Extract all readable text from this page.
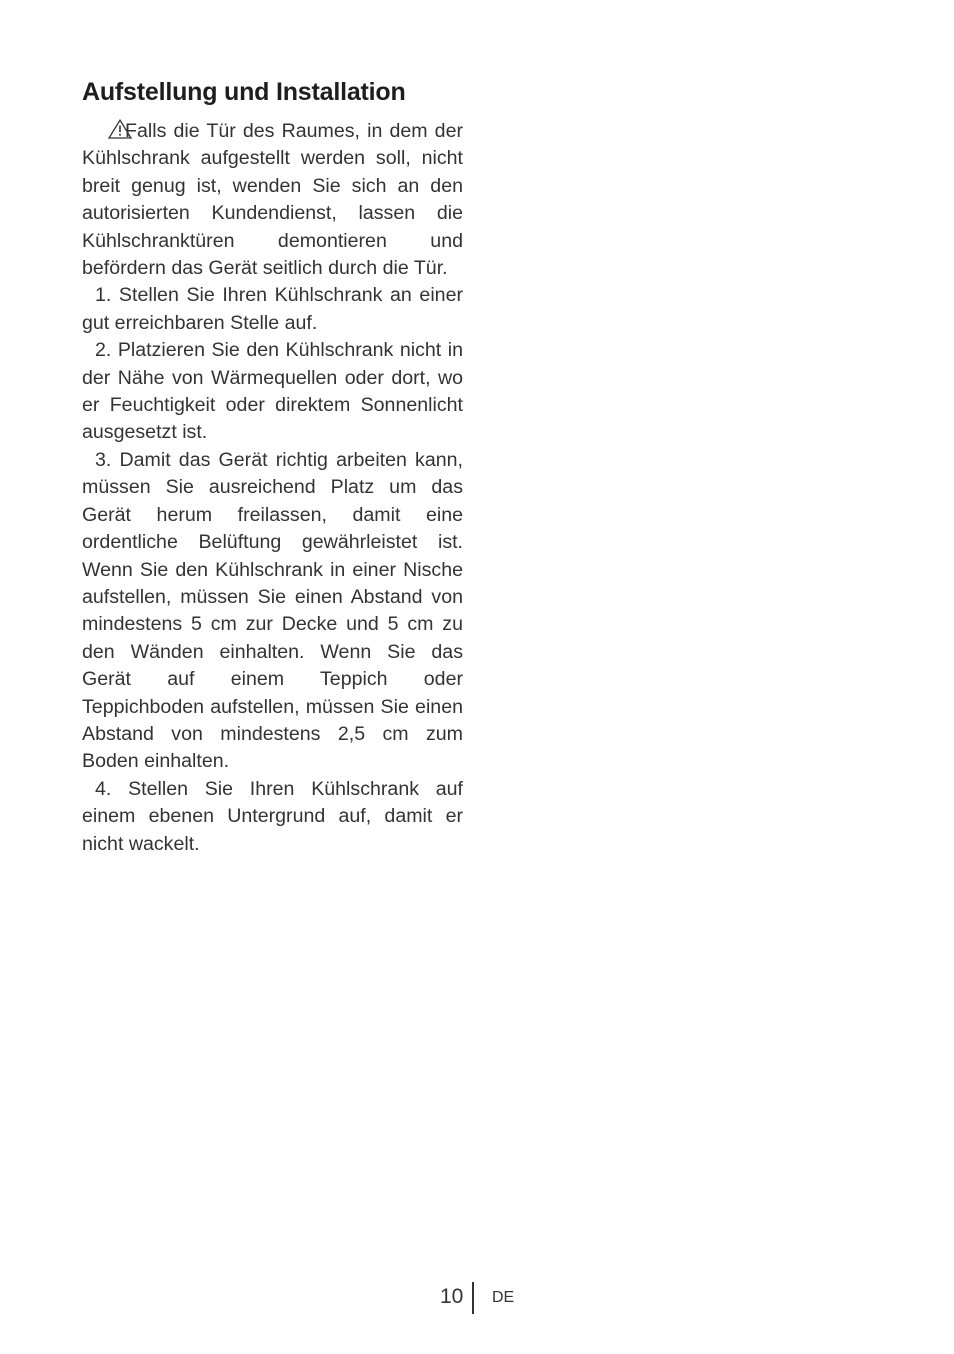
Aufstellung und Installation

Falls die Tür des Raumes, in dem der Kühlschrank aufgestellt werden soll, nicht breit genug ist, wenden Sie sich an den autorisierten Kundendienst, lassen die Kühlschranktüren demontieren und befördern das Gerät seitlich durch die Tür.

1. Stellen Sie Ihren Kühlschrank an einer gut erreichbaren Stelle auf.

2. Platzieren Sie den Kühlschrank nicht in der Nähe von Wärmequellen oder dort, wo er Feuchtigkeit oder direktem Sonnenlicht ausgesetzt ist.

3. Damit das Gerät richtig arbeiten kann, müssen Sie ausreichend Platz um das Gerät herum freilassen, damit eine ordentliche Belüftung gewährleistet ist. Wenn Sie den Kühlschrank in einer Nische aufstellen, müssen Sie einen Abstand von mindestens 5 cm zur Decke und 5 cm zu den Wänden einhalten. Wenn Sie das Gerät auf einem Teppich oder Teppichboden aufstellen, müssen Sie einen Abstand von mindestens 2,5 cm zum Boden einhalten.

4. Stellen Sie Ihren Kühlschrank auf einem ebenen Untergrund auf, damit er nicht wackelt.

10 DE
